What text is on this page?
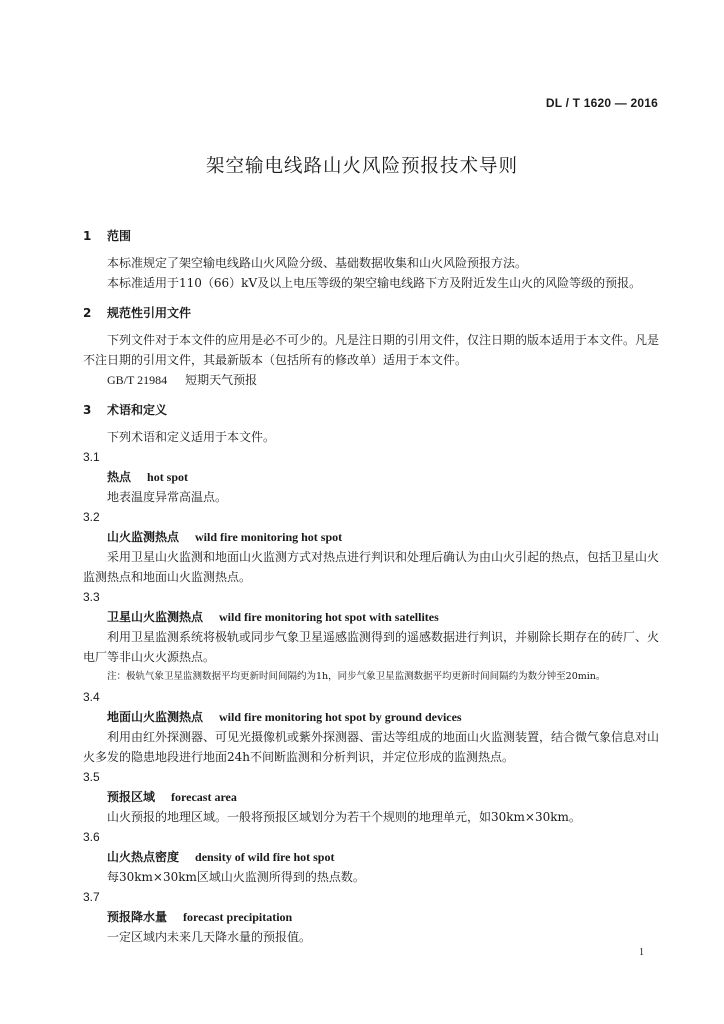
DL / T 1620 — 2016
架空输电线路山火风险预报技术导则
1 范围
本标准规定了架空输电线路山火风险分级、基础数据收集和山火风险预报方法。
本标准适用于110（66）kV及以上电压等级的架空输电线路下方及附近发生山火的风险等级的预报。
2 规范性引用文件
下列文件对于本文件的应用是必不可少的。凡是注日期的引用文件，仅注日期的版本适用于本文件。凡是不注日期的引用文件，其最新版本（包括所有的修改单）适用于本文件。
GB/T 21984 短期天气预报
3 术语和定义
下列术语和定义适用于本文件。
3.1
热点 hot spot
地表温度异常高温点。
3.2
山火监测热点 wild fire monitoring hot spot
采用卫星山火监测和地面山火监测方式对热点进行判识和处理后确认为由山火引起的热点，包括卫星山火监测热点和地面山火监测热点。
3.3
卫星山火监测热点 wild fire monitoring hot spot with satellites
利用卫星监测系统将极轨或同步气象卫星遥感监测得到的遥感数据进行判识，并剔除长期存在的砖厂、火电厂等非山火火源热点。
注：极轨气象卫星监测数据平均更新时间间隔约为1h，同步气象卫星监测数据平均更新时间间隔约为数分钟至20min。
3.4
地面山火监测热点 wild fire monitoring hot spot by ground devices
利用由红外探测器、可见光摄像机或紫外探测器、雷达等组成的地面山火监测装置，结合微气象信息对山火多发的隐患地段进行地面24h不间断监测和分析判识，并定位形成的监测热点。
3.5
预报区域 forecast area
山火预报的地理区域。一般将预报区域划分为若干个规则的地理单元，如30km×30km。
3.6
山火热点密度 density of wild fire hot spot
每30km×30km区域山火监测所得到的热点数。
3.7
预报降水量 forecast precipitation
一定区域内未来几天降水量的预报值。
1
